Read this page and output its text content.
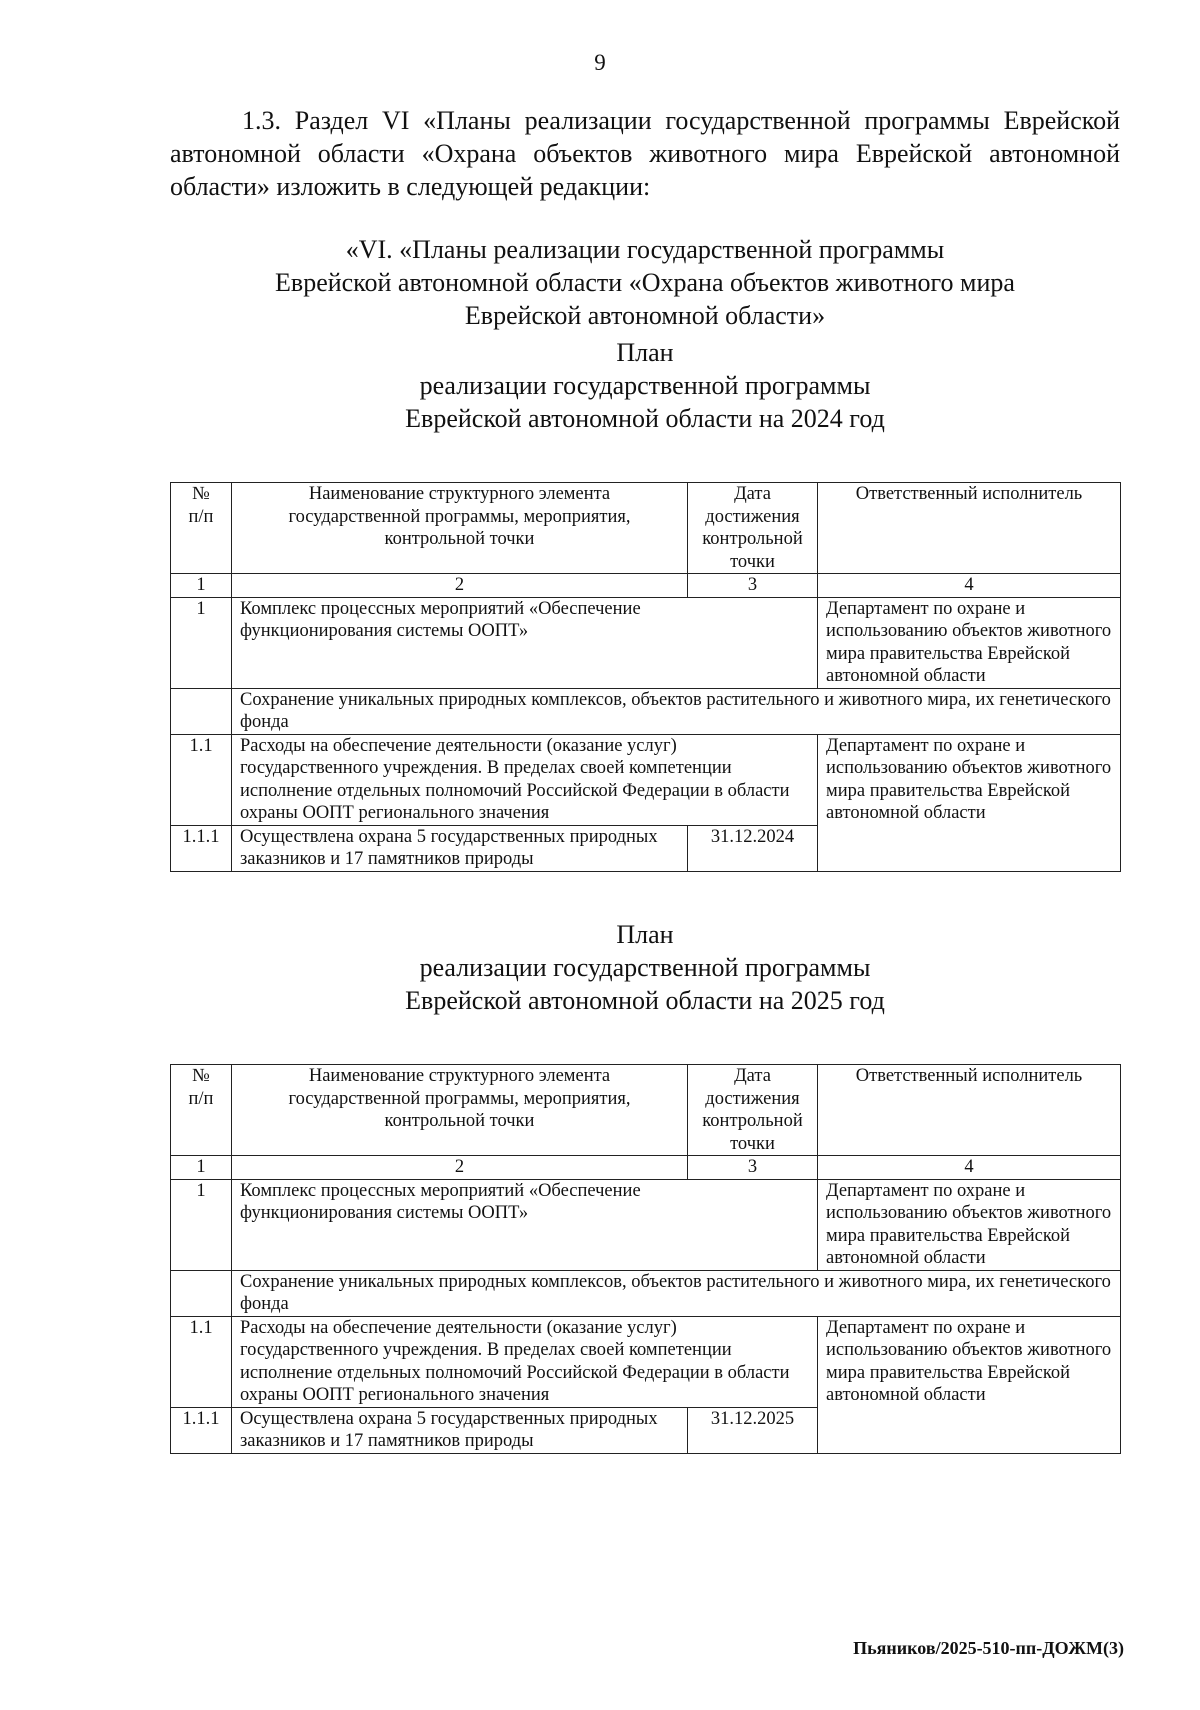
9
1.3. Раздел VI «Планы реализации государственной программы Еврейской автономной области «Охрана объектов животного мира Еврейской автономной области» изложить в следующей редакции:
«VI. «Планы реализации государственной программы
Еврейской автономной области «Охрана объектов животного мира
Еврейской автономной области»
План
реализации государственной программы
Еврейской автономной области на 2024 год
№
п/п	Наименование структурного элемента государственной программы, мероприятия, контрольной точки	Дата достижения контрольной точки	Ответственный исполнитель
1	2	3	4
1	Комплекс процессных мероприятий «Обеспечение функционирования системы ООПТ»		Департамент по охране и использованию объектов животного мира правительства Еврейской автономной области
	Сохранение уникальных природных комплексов, объектов растительного и животного мира, их генетического фонда		
1.1	Расходы на обеспечение деятельности (оказание услуг) государственного учреждения. В пределах своей компетенции исполнение отдельных полномочий Российской Федерации в области охраны ООПТ регионального значения		Департамент по охране и использованию объектов животного мира правительства Еврейской автономной области
1.1.1	Осуществлена охрана 5 государственных природных заказников и 17 памятников природы	31.12.2024	
План
реализации государственной программы
Еврейской автономной области на 2025 год
№
п/п	Наименование структурного элемента государственной программы, мероприятия, контрольной точки	Дата достижения контрольной точки	Ответственный исполнитель
1	2	3	4
1	Комплекс процессных мероприятий «Обеспечение функционирования системы ООПТ»		Департамент по охране и использованию объектов животного мира правительства Еврейской автономной области
	Сохранение уникальных природных комплексов, объектов растительного и животного мира, их генетического фонда		
1.1	Расходы на обеспечение деятельности (оказание услуг) государственного учреждения. В пределах своей компетенции исполнение отдельных полномочий Российской Федерации в области охраны ООПТ регионального значения		Департамент по охране и использованию объектов животного мира правительства Еврейской автономной области
1.1.1	Осуществлена охрана 5 государственных природных заказников и 17 памятников природы	31.12.2025	
Пьяников/2025-510-пп-ДОЖМ(3)
